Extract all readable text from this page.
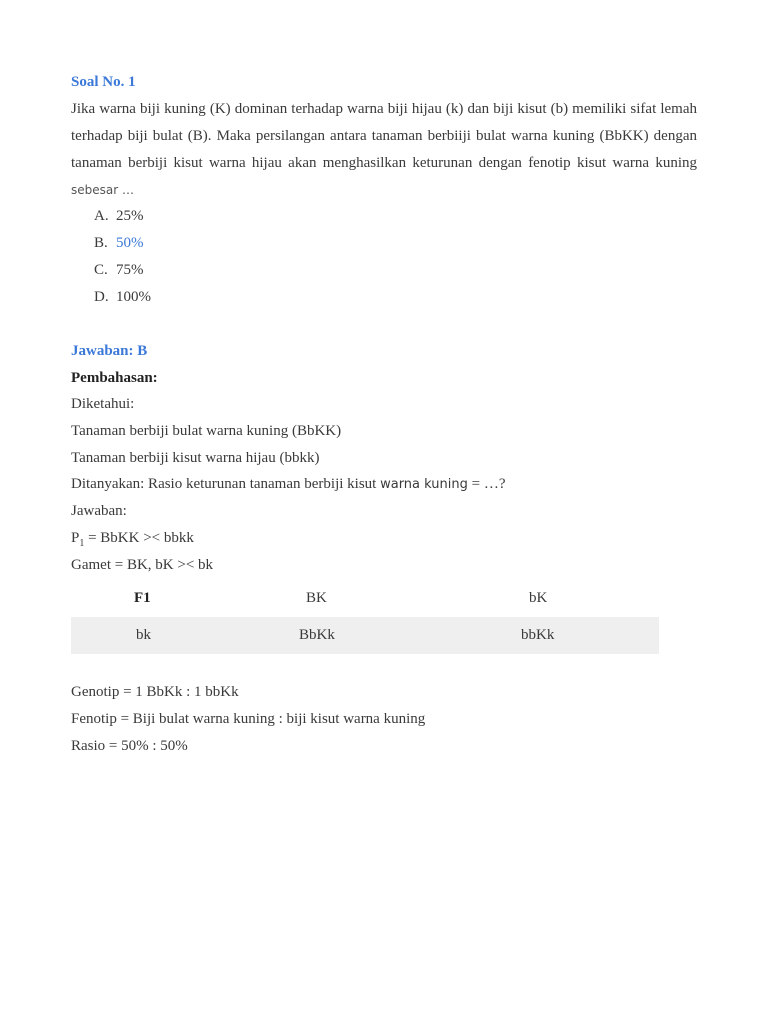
Soal No. 1
Jika warna biji kuning (K) dominan terhadap warna biji hijau (k) dan biji kisut (b) memiliki sifat lemah
terhadap biji bulat (B). Maka persilangan antara tanaman berbiiji bulat warna kuning (BbKK) dengan
tanaman berbiji kisut warna hijau akan menghasilkan keturunan dengan fenotip kisut warna kuning
sebesar …
A. 25%
B. 50%
C. 75%
D. 100%
Jawaban: B
Pembahasan:
Diketahui:
Tanaman berbiji bulat warna kuning (BbKK)
Tanaman berbiji kisut warna hijau (bbkk)
Ditanyakan: Rasio keturunan tanaman berbiji kisut warna kuning = …?
Jawaban:
$P_1$ = BbKK >< bbkk
Gamet = BK, bK >< bk
F1	BK	bK
bk	BbKk	bbKk
Genotip = 1 BbKk : 1 bbKk
Fenotip = Biji bulat warna kuning : biji kisut warna kuning
Rasio = 50% : 50%
